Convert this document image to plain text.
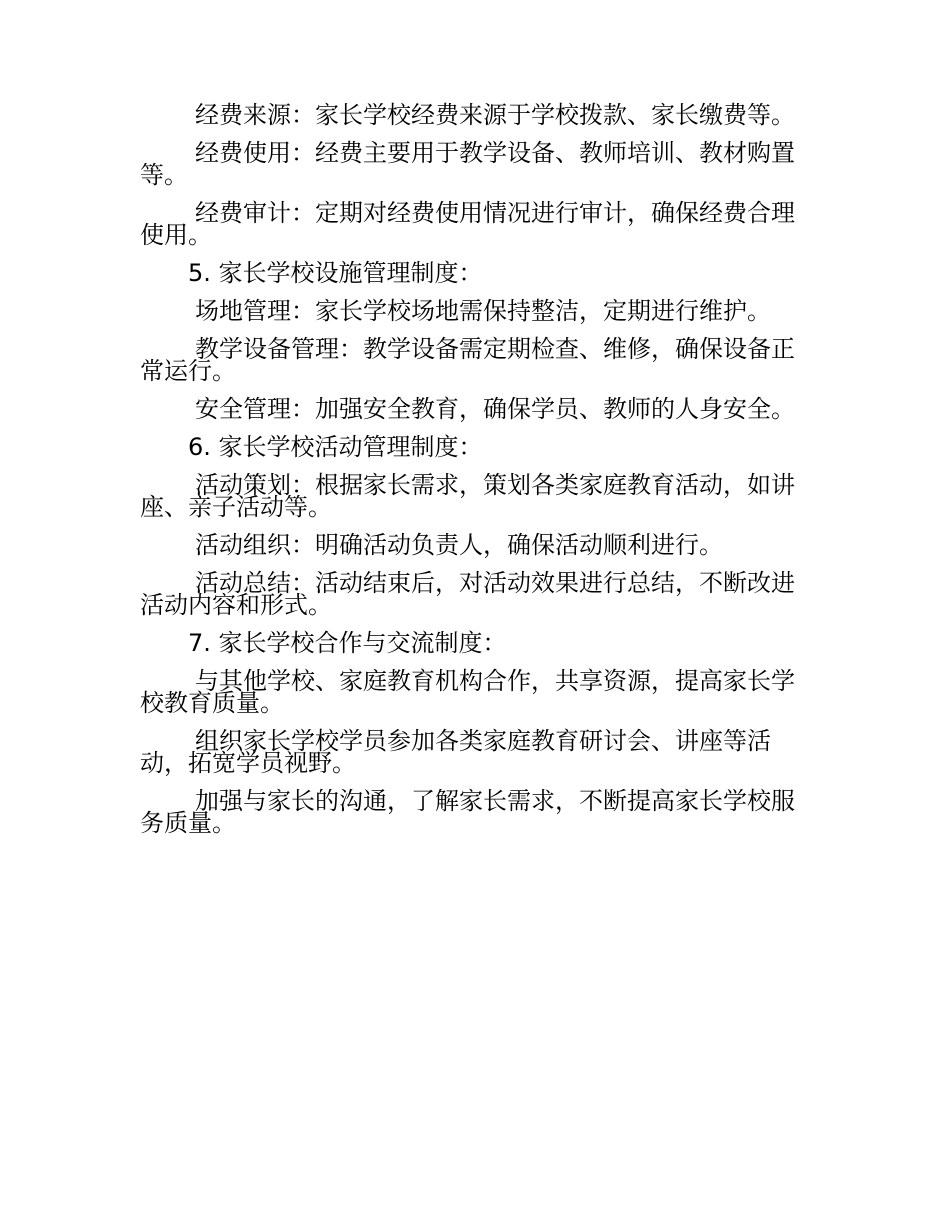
经费来源：家长学校经费来源于学校拨款、家长缴费等。

经费使用：经费主要用于教学设备、教师培训、教材购置等。

经费审计：定期对经费使用情况进行审计，确保经费合理使用。

5. 家长学校设施管理制度：

场地管理：家长学校场地需保持整洁，定期进行维护。

教学设备管理：教学设备需定期检查、维修，确保设备正常运行。

安全管理：加强安全教育，确保学员、教师的人身安全。

6. 家长学校活动管理制度：

活动策划：根据家长需求，策划各类家庭教育活动，如讲座、亲子活动等。

活动组织：明确活动负责人，确保活动顺利进行。

活动总结：活动结束后，对活动效果进行总结，不断改进活动内容和形式。

7. 家长学校合作与交流制度：

与其他学校、家庭教育机构合作，共享资源，提高家长学校教育质量。

组织家长学校学员参加各类家庭教育研讨会、讲座等活动，拓宽学员视野。

加强与家长的沟通，了解家长需求，不断提高家长学校服务质量。
